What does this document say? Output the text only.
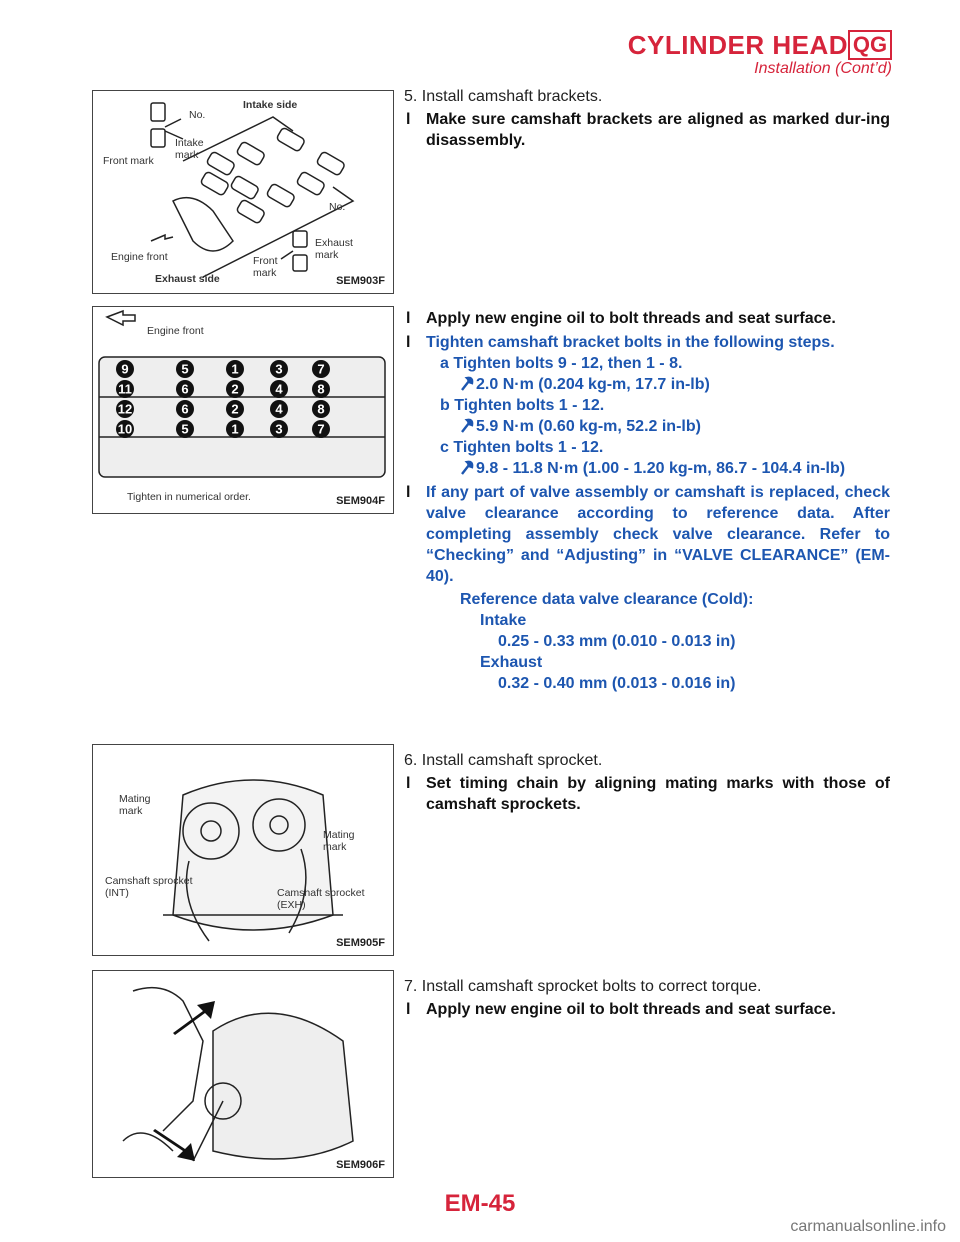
CYLINDER HEAD QG
Installation (Cont’d)
No.
Intake side
Intake
mark
Front mark
No.
Exhaust
mark
Engine front	Front
mark
Exhaust side	SEM903F
9
11
12
10
5
6
6
5
1
2
2
1
3
4
4
3
7
8
8
7
Engine front
Tighten in numerical order.	SEM904F
Mating
mark
Mating
mark
Camshaft sprocket
(INT)	Camshaft sprocket
(EXH)
SEM905F
SEM906F
5. Install camshaft brackets.
l Make sure camshaft brackets are aligned as marked dur-ing disassembly.
l Apply new engine oil to bolt threads and seat surface.
l Tighten camshaft bracket bolts in the following steps.
a Tighten bolts 9 - 12, then 1 - 8.
2.0 N·m (0.204 kg-m, 17.7 in-lb)
b Tighten bolts 1 - 12.
5.9 N·m (0.60 kg-m, 52.2 in-lb)
c Tighten bolts 1 - 12.
9.8 - 11.8 N·m (1.00 - 1.20 kg-m, 86.7 - 104.4 in-lb)
l If any part of valve assembly or camshaft is replaced, check valve clearance according to reference data. After completing assembly check valve clearance. Refer to “Checking” and “Adjusting” in “VALVE CLEARANCE” (EM-40).
Reference data valve clearance (Cold):
Intake
0.25 - 0.33 mm (0.010 - 0.013 in)
Exhaust
0.32 - 0.40 mm (0.013 - 0.016 in)
6. Install camshaft sprocket.
l Set timing chain by aligning mating marks with those of camshaft sprockets.
7. Install camshaft sprocket bolts to correct torque.
l Apply new engine oil to bolt threads and seat surface.
EM-45
carmanualsonline.info
